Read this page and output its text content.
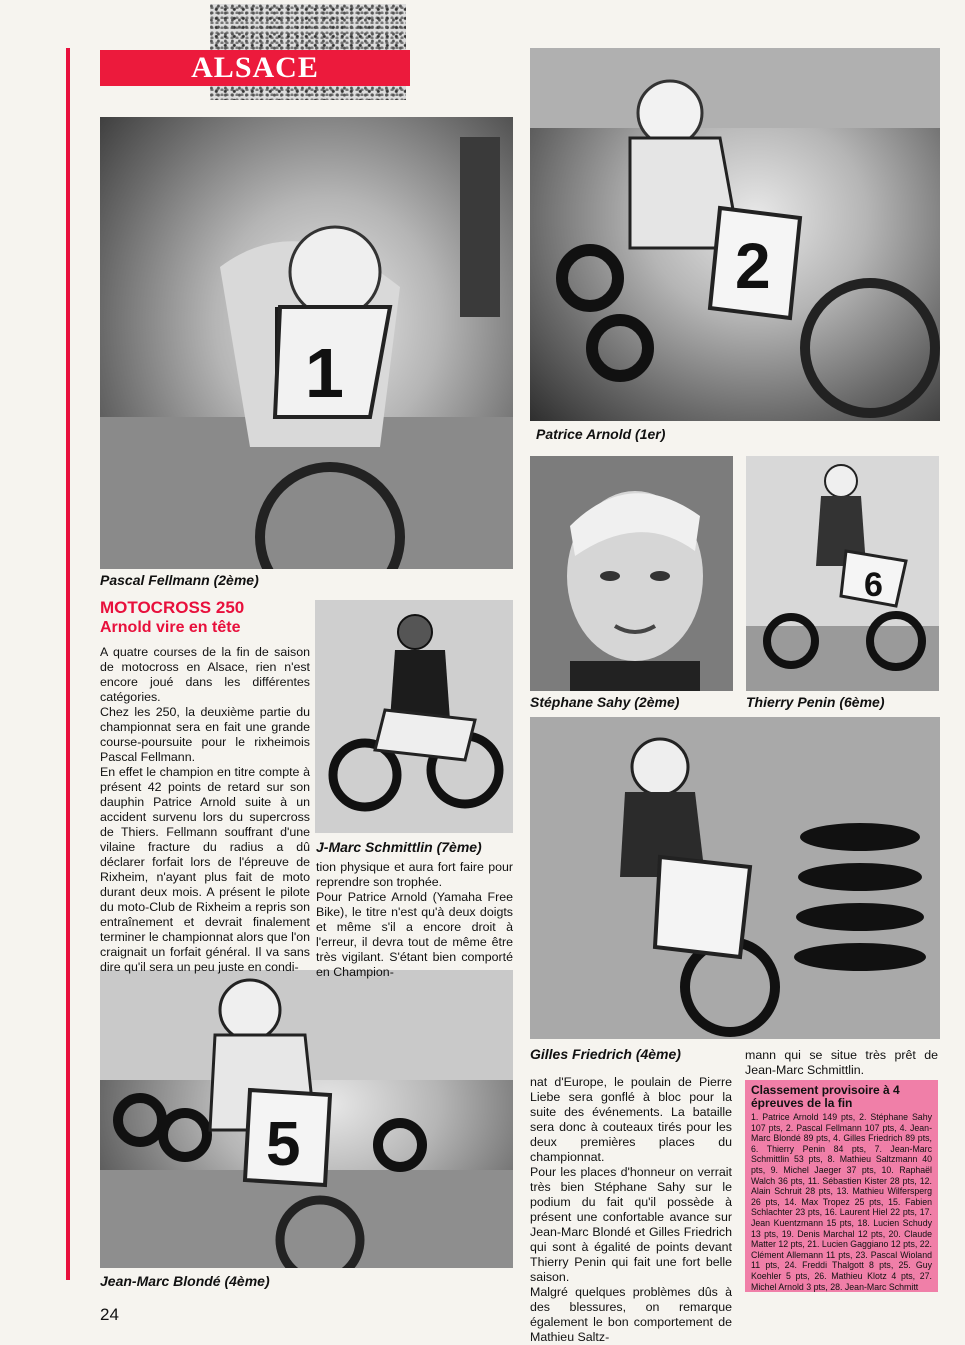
ALSACE
1
Pascal Fellmann (2ème)
2
Patrice Arnold (1er)
Stéphane Sahy (2ème)
6
Thierry Penin (6ème)
J-Marc Schmittlin (7ème)
Gilles Friedrich (4ème)
5
Jean-Marc Blondé (4ème)
MOTOCROSS 250
Arnold vire en tête

A quatre courses de la fin de saison de motocross en Alsace, rien n'est encore joué dans les différentes catégories.

Chez les 250, la deuxième partie du championnat sera en fait une grande course-poursuite pour le rixheimois Pascal Fellmann.

En effet le champion en titre compte à présent 42 points de retard sur son dauphin Patrice Arnold suite à un accident survenu lors du supercross de Thiers. Fellmann souffrant d'une vilaine fracture du radius a dû déclarer forfait lors de l'épreuve de Rixheim, n'ayant plus fait de moto durant deux mois. A présent le pilote du moto-Club de Rixheim a repris son entraînement et devrait finalement terminer le championnat alors que l'on craignait un forfait général. Il va sans dire qu'il sera un peu juste en condi-

tion physique et aura fort faire pour reprendre son trophée.

Pour Patrice Arnold (Yamaha Free Bike), le titre n'est qu'à deux doigts et même s'il a encore droit à l'erreur, il devra tout de même être très vigilant. S'étant bien comporté en Champion-

nat d'Europe, le poulain de Pierre Liebe sera gonflé à bloc pour la suite des événements. La bataille sera donc à couteaux tirés pour les deux premières places du championnat.

Pour les places d'honneur on verrait très bien Stéphane Sahy sur le podium du fait qu'il possède à présent une confortable avance sur Jean-Marc Blondé et Gilles Friedrich qui sont à égalité de points devant Thierry Penin qui fait une fort belle saison.

Malgré quelques problèmes dûs à des blessures, on remarque également le bon comportement de Mathieu Saltz-

mann qui se situe très prêt de Jean-Marc Schmittlin.

Classement provisoire à 4 épreuves de la fin
1. Patrice Arnold 149 pts, 2. Stéphane Sahy 107 pts, 2. Pascal Fellmann 107 pts, 4. Jean-Marc Blondé 89 pts, 4. Gilles Friedrich 89 pts, 6. Thierry Penin 84 pts, 7. Jean-Marc Schmittlin 53 pts, 8. Mathieu Saltzmann 40 pts, 9. Michel Jaeger 37 pts, 10. Raphaël Walch 36 pts, 11. Sébastien Kister 28 pts, 12. Alain Schruit 28 pts, 13. Mathieu Wilfersperg 26 pts, 14. Max Tropez 25 pts, 15. Fabien Schlachter 23 pts, 16. Laurent Hiel 22 pts, 17. Jean Kuentzmann 15 pts, 18. Lucien Schudy 13 pts, 19. Denis Marchal 12 pts, 20. Claude Matter 12 pts, 21. Lucien Gaggiano 12 pts, 22. Clément Allemann 11 pts, 23. Pascal Wioland 11 pts, 24. Freddi Thalgott 8 pts, 25. Guy Koehler 5 pts, 26. Mathieu Klotz 4 pts, 27. Michel Arnold 3 pts, 28. Jean-Marc Schmitt
24
